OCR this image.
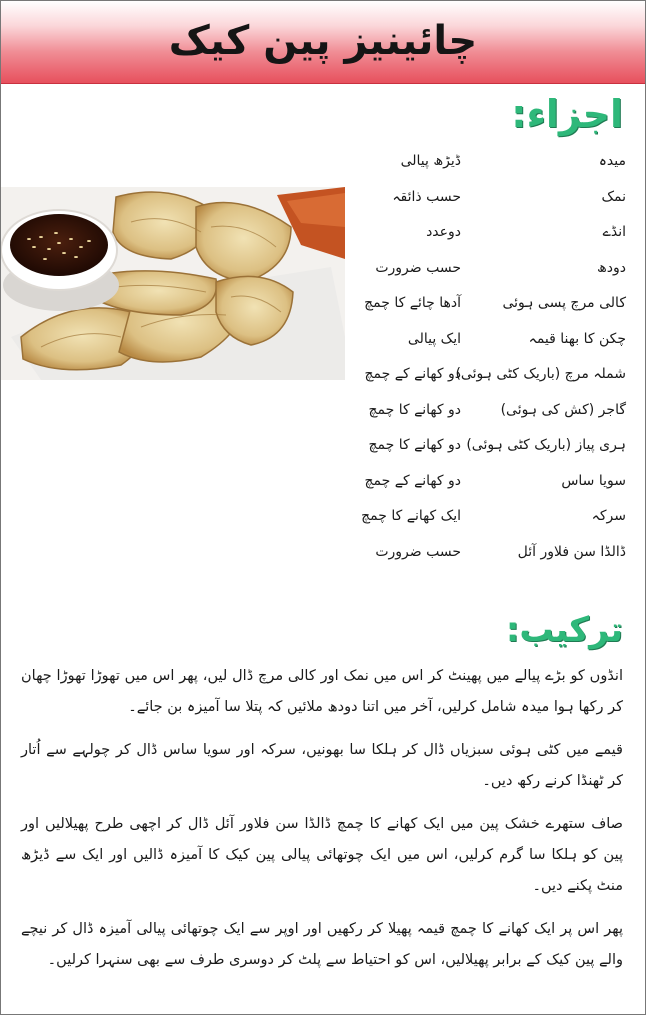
چائینیز پین کیک
اجزاء:
میدہ
ڈیڑھ پیالی
نمک
حسب ذائقہ
انڈے
دوعدد
دودھ
حسب ضرورت
کالی مرچ پسی ہوئی
آدھا چائے کا چمچ
چکن کا بھنا قیمہ
ایک پیالی
شملہ مرچ (باریک کٹی ہوئی)
دو کھانے کے چمچ
گاجر (کش کی ہوئی)
دو کھانے کا چمچ
ہری پیاز (باریک کٹی ہوئی)
دو کھانے کا چمچ
سویا ساس
دو کھانے کے چمچ
سرکہ
ایک کھانے کا چمچ
ڈالڈا سن فلاور آئل
حسب ضرورت
ترکیب:

انڈوں کو بڑے پیالے میں پھینٹ کر اس میں نمک اور کالی مرچ ڈال لیں، پھر اس میں تھوڑا تھوڑا چھان کر رکھا ہوا میدہ شامل کرلیں، آخر میں اتنا دودھ ملائیں کہ پتلا سا آمیزہ بن جائے۔

قیمے میں کٹی ہوئی سبزیاں ڈال کر ہلکا سا بھونیں، سرکہ اور سویا ساس ڈال کر چولہے سے اُتار کر ٹھنڈا کرنے رکھ دیں۔

صاف ستھرے خشک پین میں ایک کھانے کا چمچ ڈالڈا سن فلاور آئل ڈال کر اچھی طرح پھیلالیں اور پین کو ہلکا سا گرم کرلیں، اس میں ایک چوتھائی پیالی پین کیک کا آمیزہ ڈالیں اور ایک سے ڈیڑھ منٹ پکنے دیں۔

پھر اس پر ایک کھانے کا چمچ قیمہ پھیلا کر رکھیں اور اوپر سے ایک چوتھائی پیالی آمیزہ ڈال کر نیچے والے پین کیک کے برابر پھیلالیں، اس کو احتیاط سے پلٹ کر دوسری طرف سے بھی سنہرا کرلیں۔
